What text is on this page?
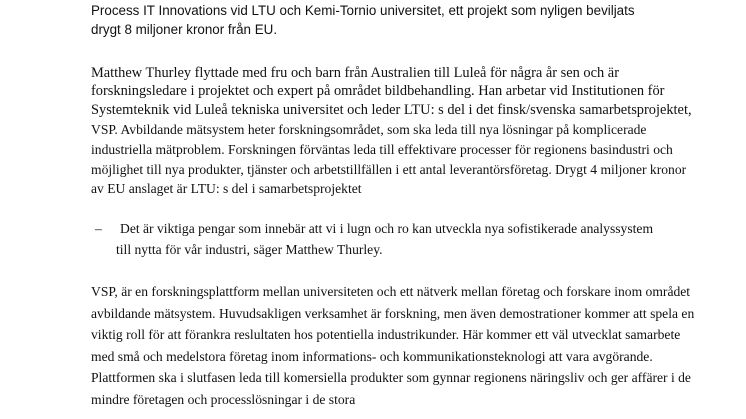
Process IT Innovations vid LTU och Kemi-Tornio universitet, ett projekt som nyligen beviljats
drygt 8 miljoner kronor från EU.

Matthew Thurley flyttade med fru och barn från Australien till Luleå för några år sen och är
forskningsledare i projektet och expert på området bildbehandling. Han arbetar vid Institutionen för
Systemteknik vid Luleå tekniska universitet och leder LTU: s del i det finsk/svenska samarbetsprojektet,
VSP. Avbildande mätsystem heter forskningsområdet, som ska leda till nya lösningar på komplicerade
industriella mätproblem. Forskningen förväntas leda till effektivare processer för regionens basindustri och
möjlighet till nya produkter, tjänster och arbetstillfällen i ett antal leverantörsföretag. Drygt 4 miljoner kronor
av EU anslaget är LTU: s del i samarbetsprojektet

– Det är viktiga pengar som innebär att vi i lugn och ro kan utveckla nya sofistikerade analyssystem
till nytta för vår industri, säger Matthew Thurley.

VSP, är en forskningsplattform mellan universiteten och ett nätverk mellan företag och forskare inom området
avbildande mätsystem. Huvudsakligen verksamhet är forskning, men även demostrationer kommer att spela en
viktig roll för att förankra reslultaten hos potentiella industrikunder. Här kommer ett väl utvecklat samarbete
med små och medelstora företag inom informations- och kommunikationsteknologi att vara avgörande.
Plattformen ska i slutfasen leda till komersiella produkter som gynnar regionens näringsliv och ger affärer i de
mindre företagen och processlösningar i de stora
